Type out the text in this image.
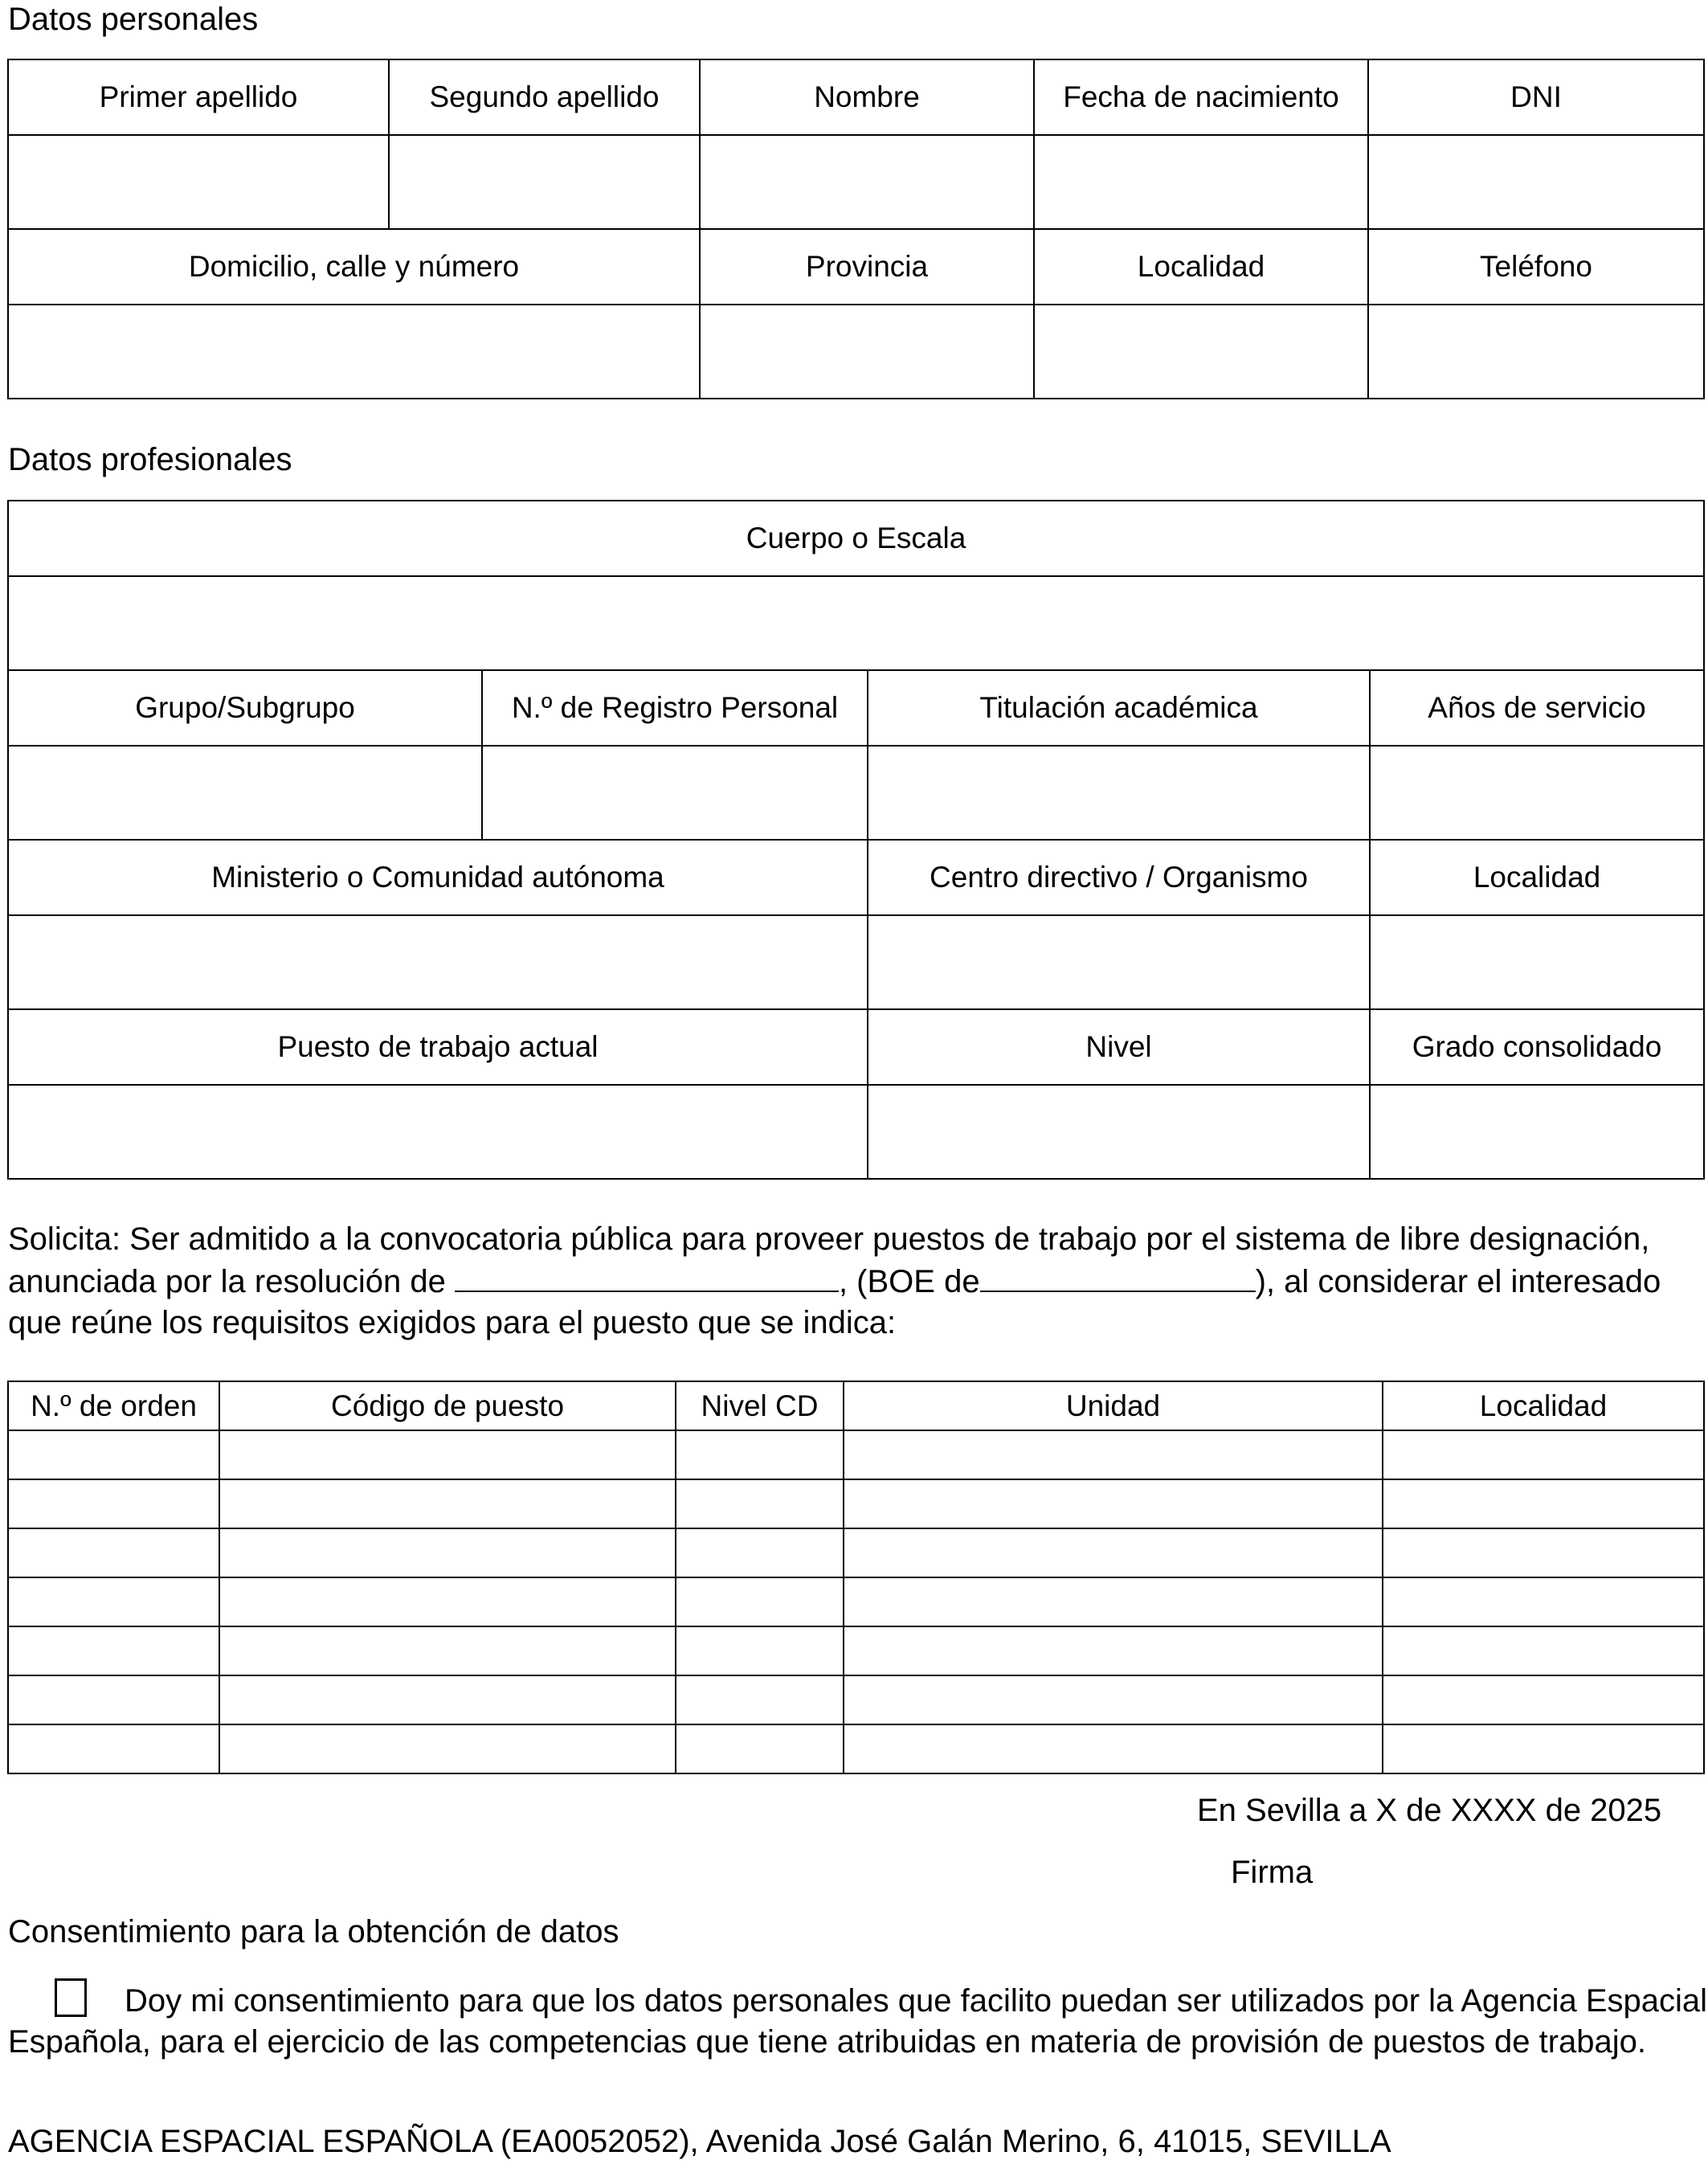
Datos personales
Primer apellido	Segundo apellido	Nombre	Fecha de nacimiento	DNI

Domicilio, calle y número		Provincia	Localidad	Teléfono

Datos profesionales
Cuerpo o Escala			

Grupo/Subgrupo	N.º de Registro Personal	Titulación académica	Años de servicio

Ministerio o Comunidad autónoma		Centro directivo / Organismo	Localidad

Puesto de trabajo actual		Nivel	Grado consolidado

Solicita: Ser admitido a la convocatoria pública para proveer puestos de trabajo por el sistema de libre designación,
anunciada por la resolución de	, (BOE de	), al considerar el interesado
que reúne los requisitos exigidos para el puesto que se indica:
N.º de orden	Código de puesto	Nivel CD	Unidad	Localidad

En Sevilla a X de XXXX de 2025
Firma
Consentimiento para la obtención de datos
Doy mi consentimiento para que los datos personales que facilito puedan ser utilizados por la Agencia Espacial
Española, para el ejercicio de las competencias que tiene atribuidas en materia de provisión de puestos de trabajo.
AGENCIA ESPACIAL ESPAÑOLA (EA0052052), Avenida José Galán Merino, 6, 41015, SEVILLA
